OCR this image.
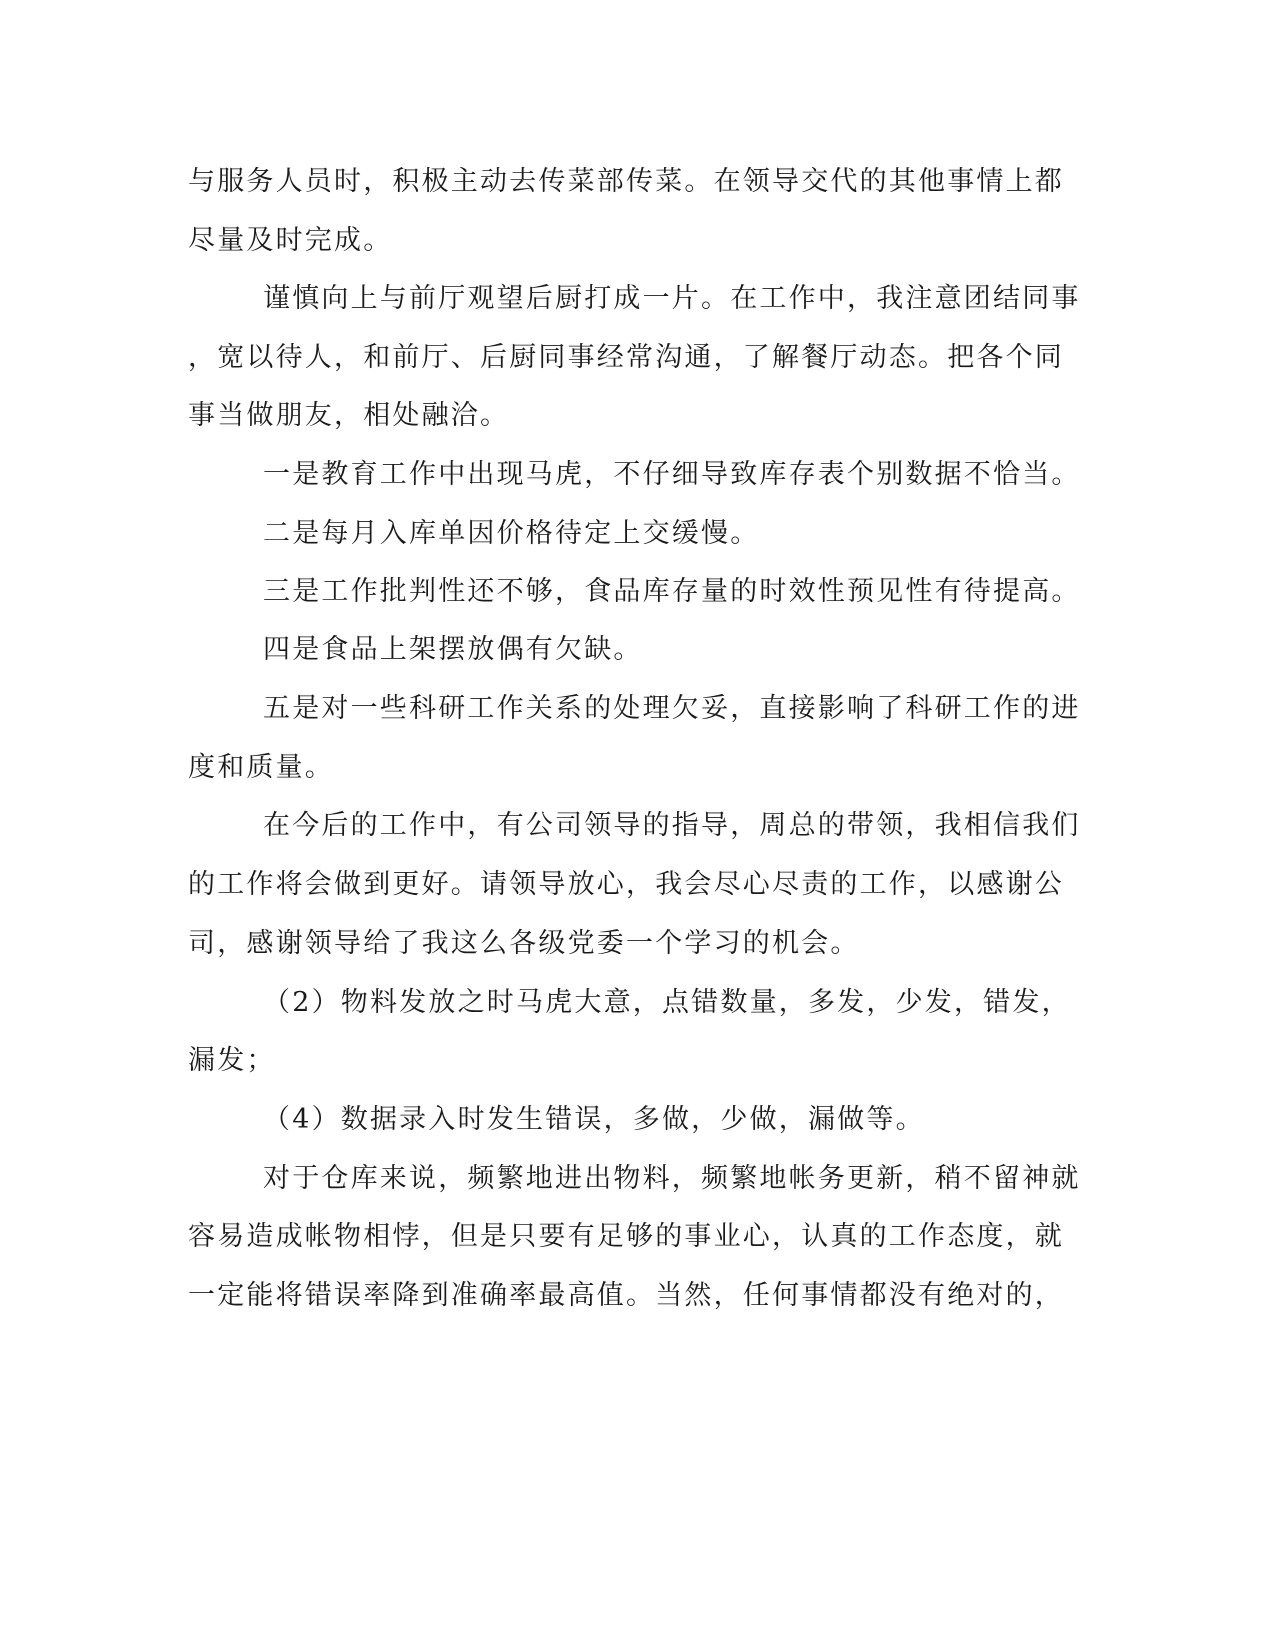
与服务人员时，积极主动去传菜部传菜。在领导交代的其他事情上都
尽量及时完成。
谨慎向上与前厅观望后厨打成一片。在工作中，我注意团结同事
，宽以待人，和前厅、后厨同事经常沟通，了解餐厅动态。把各个同
事当做朋友，相处融洽。
一是教育工作中出现马虎，不仔细导致库存表个别数据不恰当。
二是每月入库单因价格待定上交缓慢。
三是工作批判性还不够，食品库存量的时效性预见性有待提高。
四是食品上架摆放偶有欠缺。
五是对一些科研工作关系的处理欠妥，直接影响了科研工作的进
度和质量。
在今后的工作中，有公司领导的指导，周总的带领，我相信我们
的工作将会做到更好。请领导放心，我会尽心尽责的工作，以感谢公
司，感谢领导给了我这么各级党委一个学习的机会。
（2）物料发放之时马虎大意，点错数量，多发，少发，错发，
漏发；
（4）数据录入时发生错误，多做，少做，漏做等。
对于仓库来说，频繁地进出物料，频繁地帐务更新，稍不留神就
容易造成帐物相悖，但是只要有足够的事业心，认真的工作态度，就
一定能将错误率降到准确率最高值。当然，任何事情都没有绝对的，
